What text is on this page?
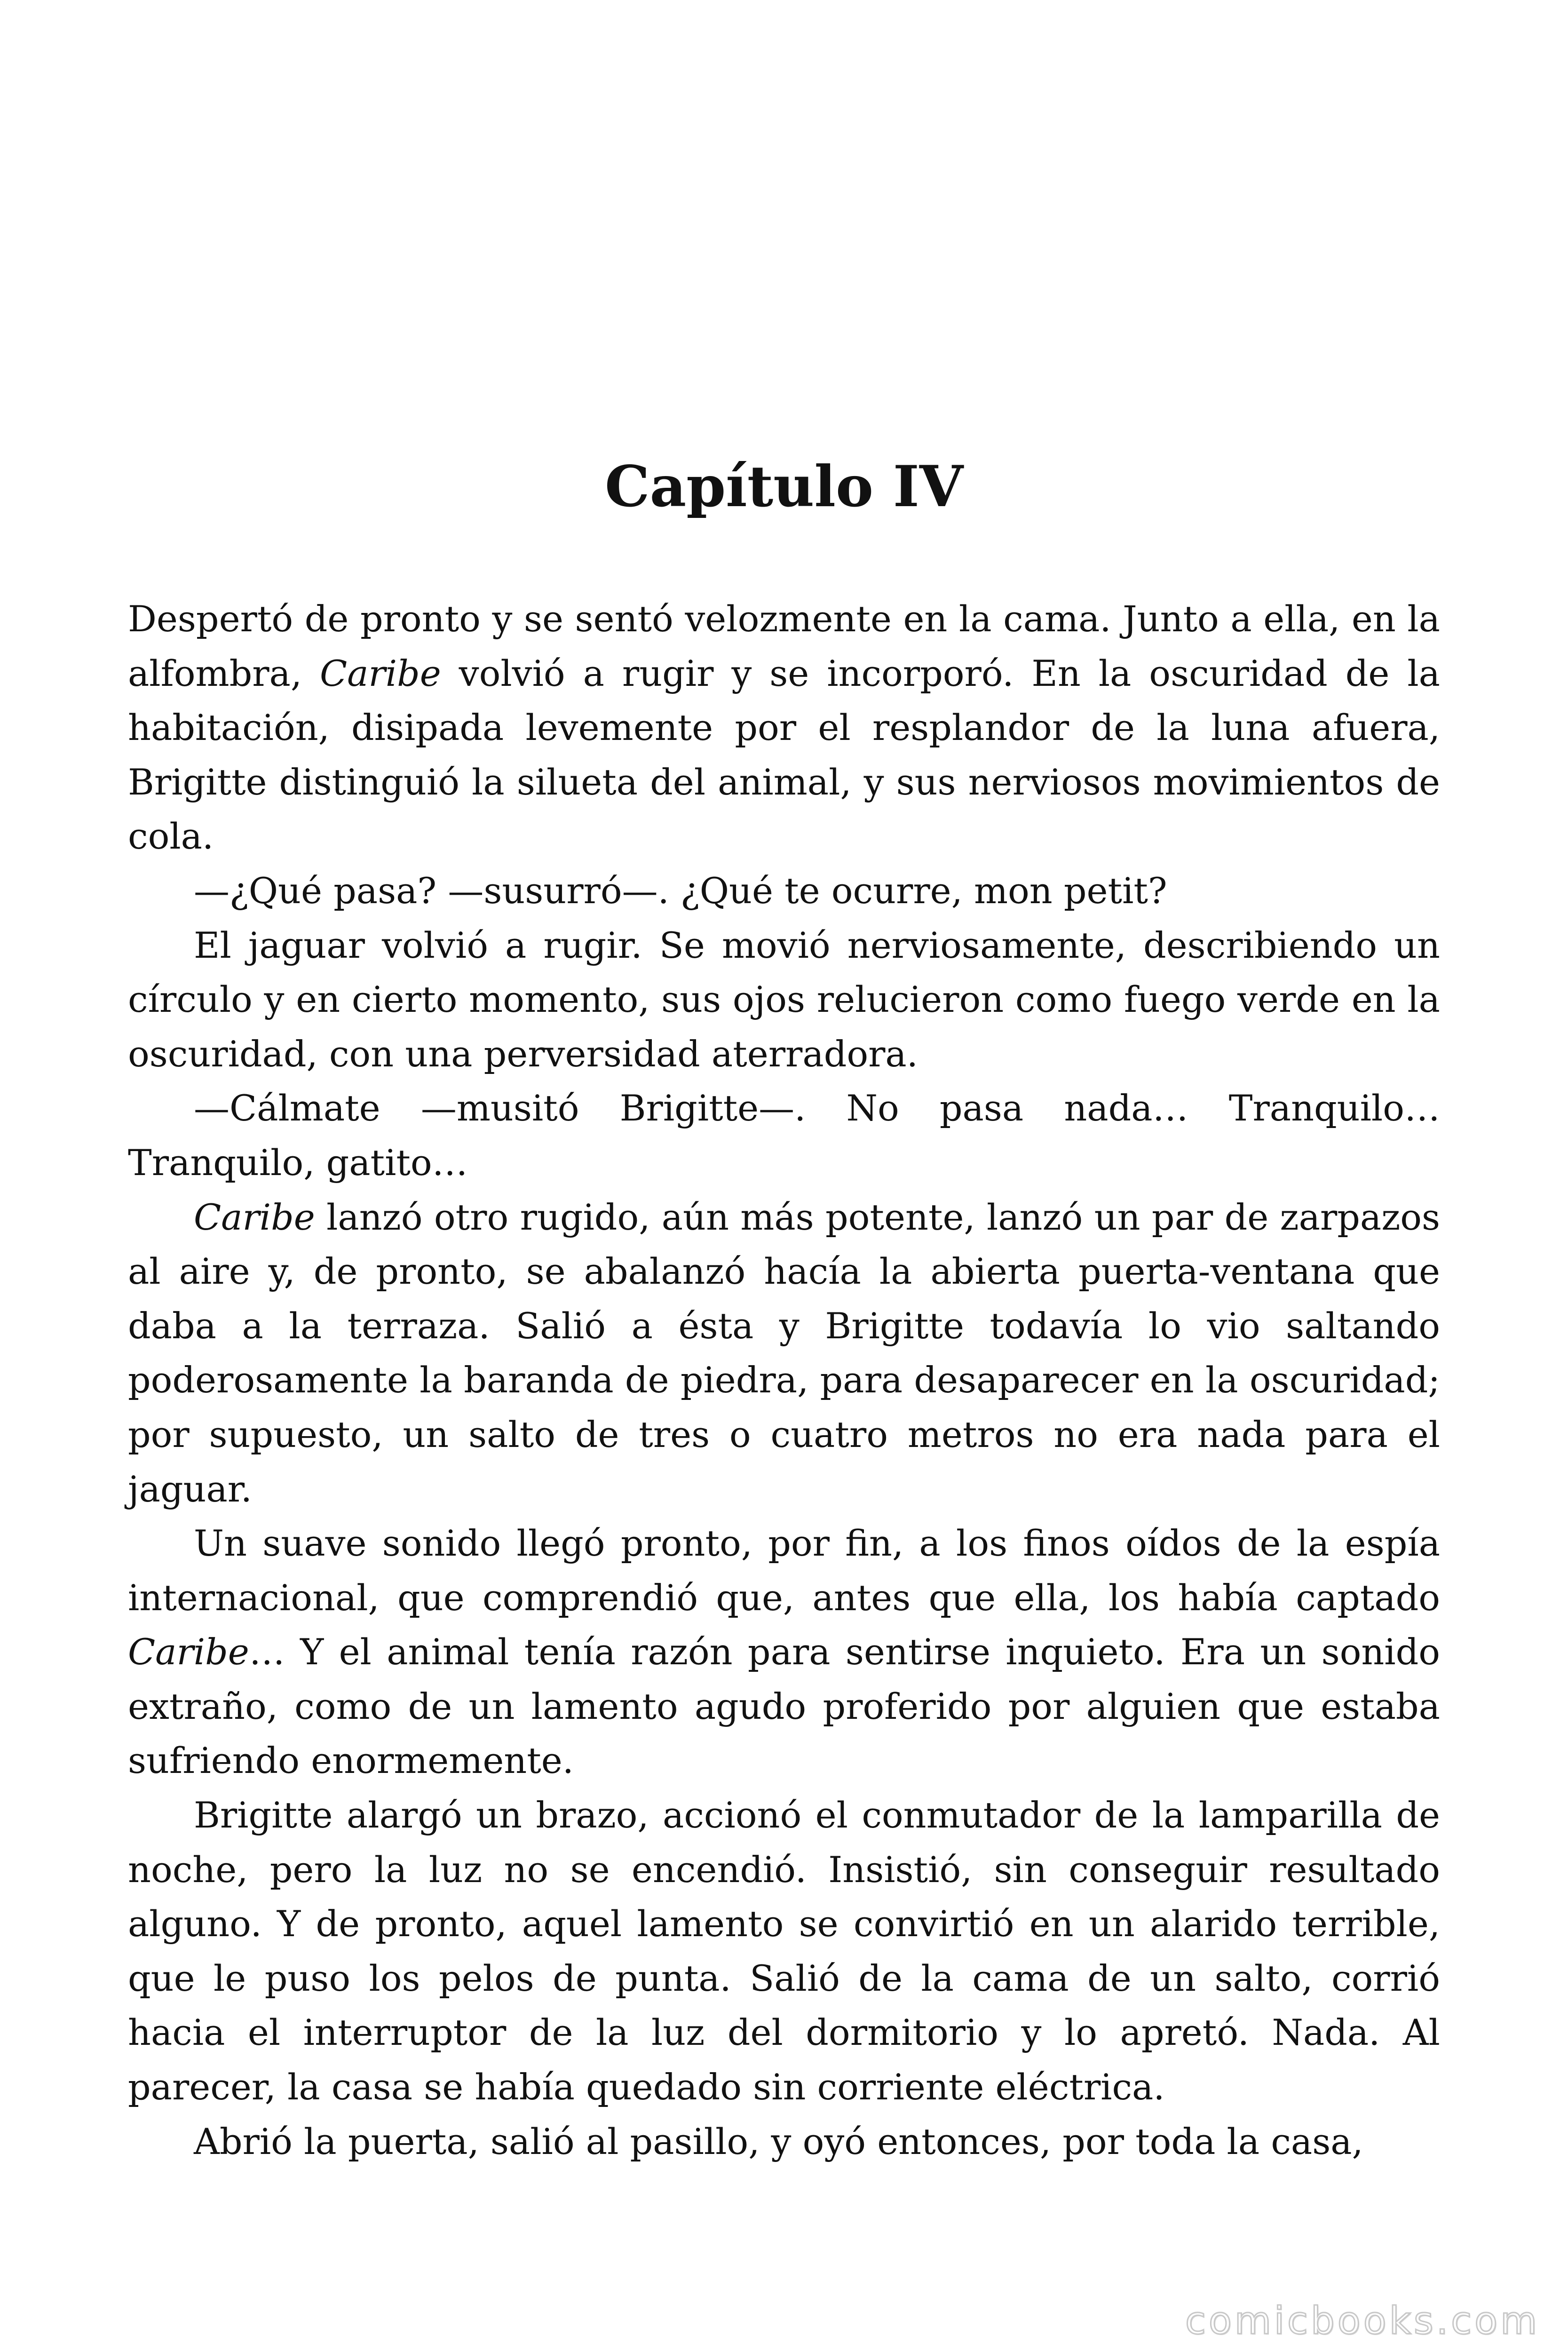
Capítulo IV

Despertó de pronto y se sentó velozmente en la cama. Junto a ella, en la alfombra, Caribe volvió a rugir y se incorporó. En la oscuridad de la habitación, disipada levemente por el resplandor de la luna afuera, Brigitte distinguió la silueta del animal, y sus nerviosos movimientos de cola.

—¿Qué pasa? —susurró—. ¿Qué te ocurre, mon petit?

El jaguar volvió a rugir. Se movió nerviosamente, describiendo un círculo y en cierto momento, sus ojos relucieron como fuego verde en la oscuridad, con una perversidad aterradora.

—Cálmate —musitó Brigitte—. No pasa nada… Tranquilo… Tranquilo, gatito…

Caribe lanzó otro rugido, aún más potente, lanzó un par de zarpazos al aire y, de pronto, se abalanzó hacía la abierta puerta-ventana que daba a la terraza. Salió a ésta y Brigitte todavía lo vio saltando poderosamente la baranda de piedra, para desaparecer en la oscuridad; por supuesto, un salto de tres o cuatro metros no era nada para el jaguar.

Un suave sonido llegó pronto, por fin, a los finos oídos de la espía internacional, que comprendió que, antes que ella, los había captado Caribe… Y el animal tenía razón para sentirse inquieto. Era un sonido extraño, como de un lamento agudo proferido por alguien que estaba sufriendo enormemente.

Brigitte alargó un brazo, accionó el conmutador de la lamparilla de noche, pero la luz no se encendió. Insistió, sin conseguir resultado alguno. Y de pronto, aquel lamento se convirtió en un alarido terrible, que le puso los pelos de punta. Salió de la cama de un salto, corrió hacia el interruptor de la luz del dormitorio y lo apretó. Nada. Al parecer, la casa se había quedado sin corriente eléctrica.

Abrió la puerta, salió al pasillo, y oyó entonces, por toda la casa,

comicbooks.com
